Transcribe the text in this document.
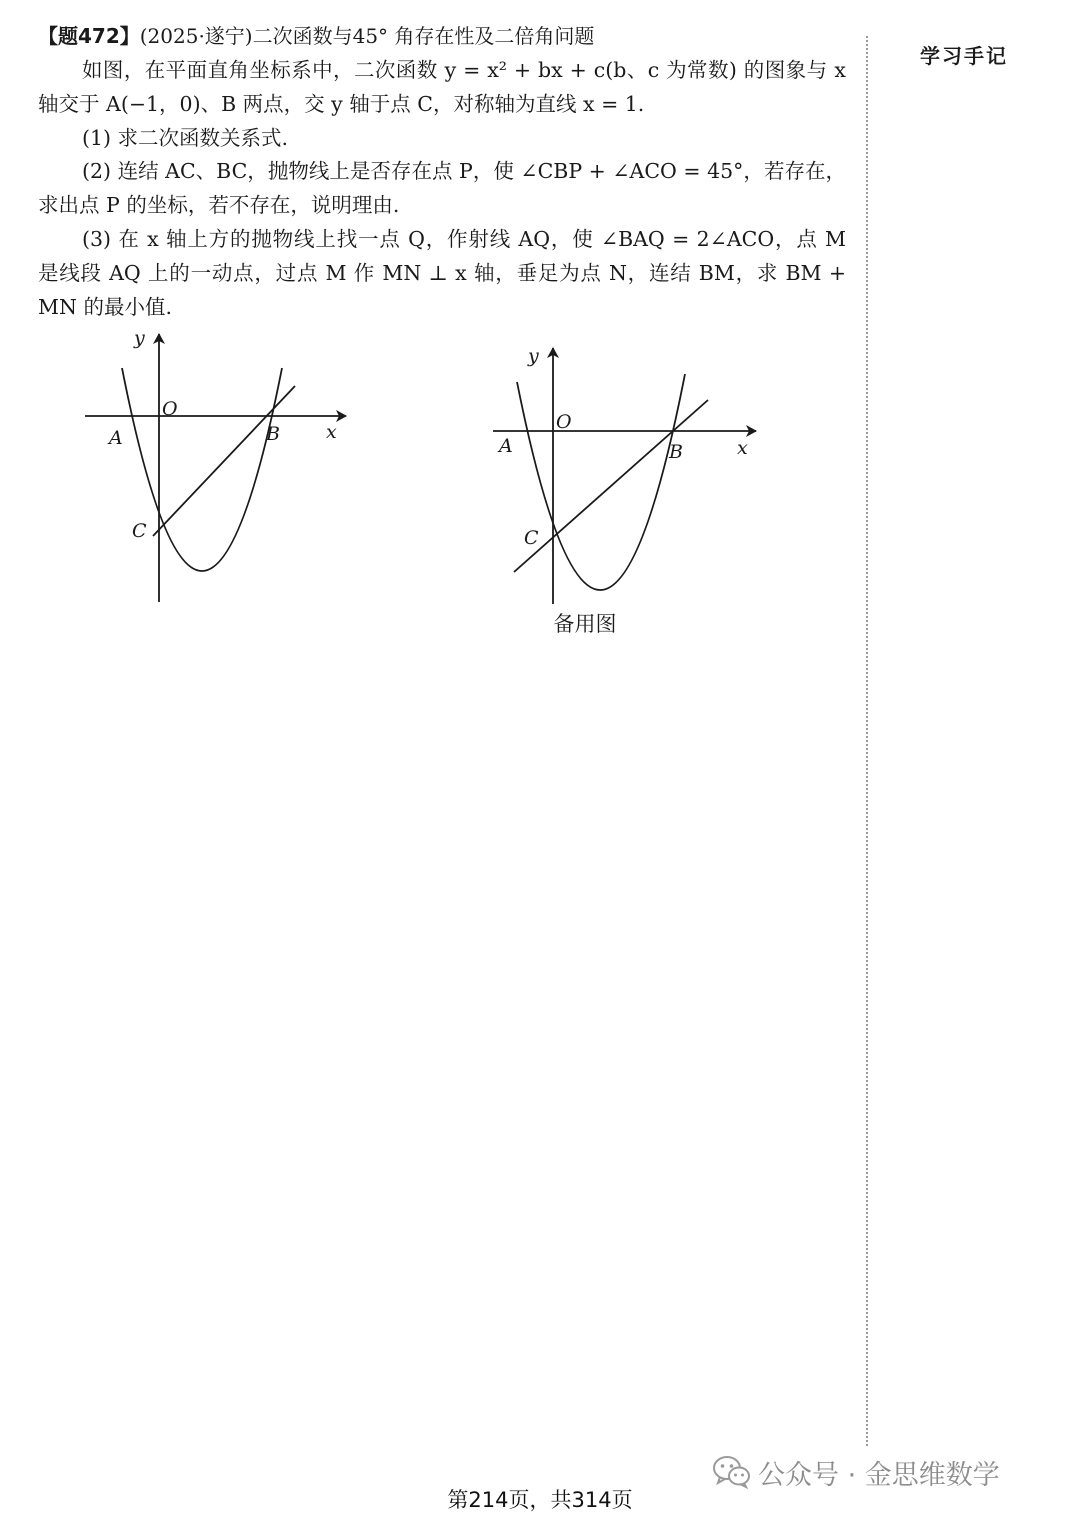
【题472】(2025·遂宁)二次函数与45° 角存在性及二倍角问题
学习手记

如图，在平面直角坐标系中，二次函数 y = x² + bx + c(b、c 为常数) 的图象与 x 轴交于 A(−1，0)、B 两点，交 y 轴于点 C，对称轴为直线 x = 1.

(1) 求二次函数关系式.

(2) 连结 AC、BC，抛物线上是否存在点 P，使 ∠CBP + ∠ACO = 45°，若存在，求出点 P 的坐标，若不存在，说明理由.

(3) 在 x 轴上方的抛物线上找一点 Q，作射线 AQ，使 ∠BAQ = 2∠ACO，点 M 是线段 AQ 上的一动点，过点 M 作 MN ⊥ x 轴，垂足为点 N，连结 BM，求 BM + MN 的最小值.

y
O
A	B x
C
y
O
A	B	x
C
备用图
公众号 · 金思维数学
第214页，共314页
